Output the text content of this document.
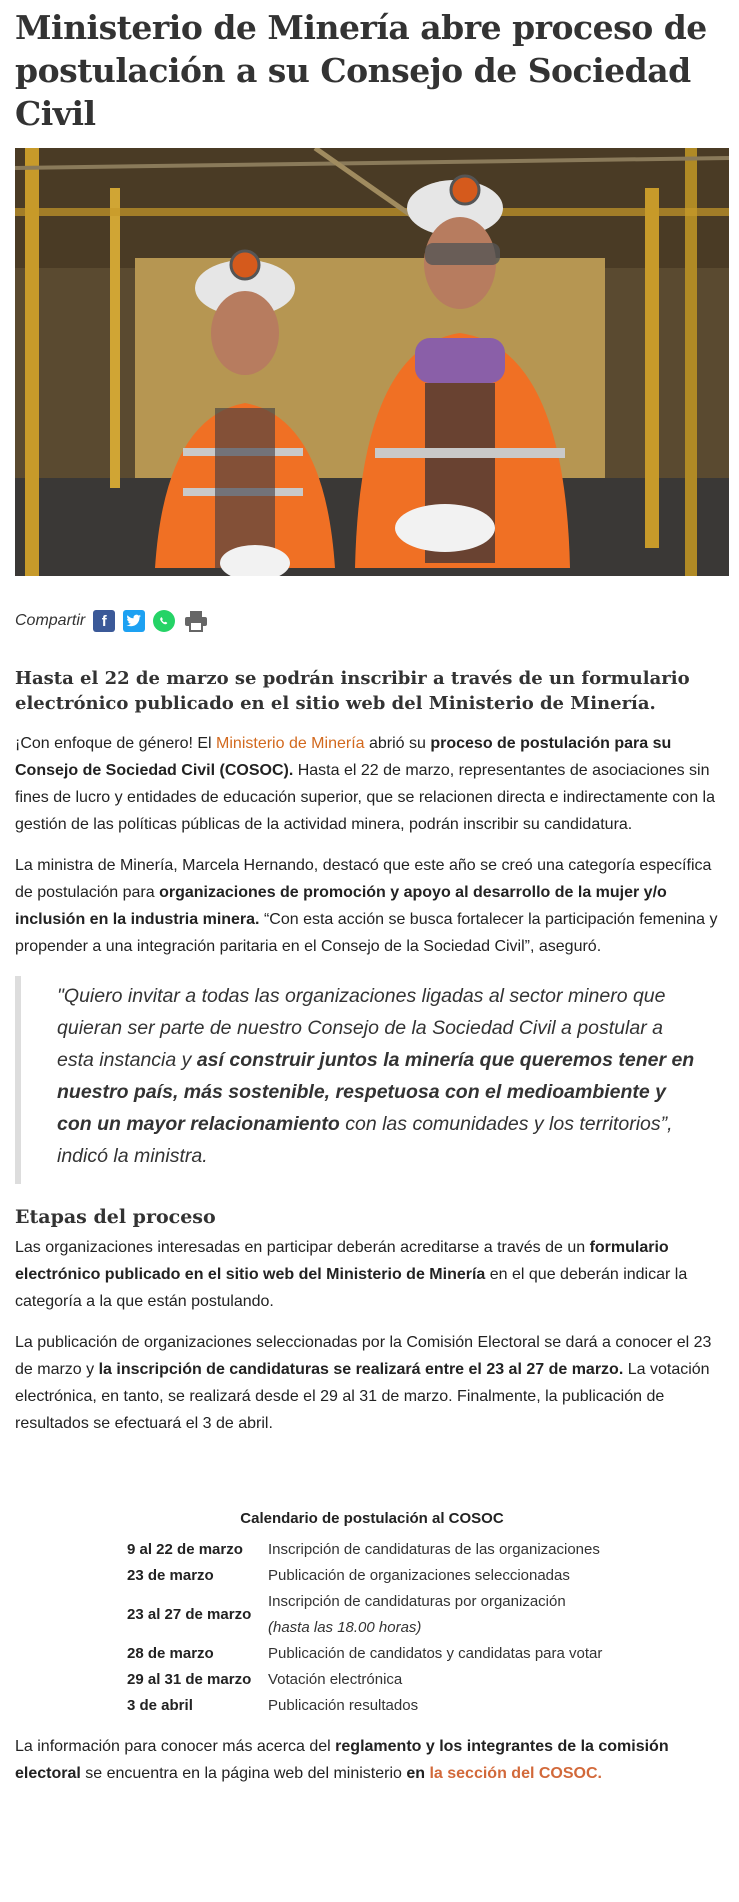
Ministerio de Minería abre proceso de postulación a su Consejo de Sociedad Civil
Compartir	f
Hasta el 22 de marzo se podrán inscribir a través de un formulario electrónico publicado en el sitio web del Ministerio de Minería.

¡Con enfoque de género! El Ministerio de Minería abrió su proceso de postulación para su Consejo de Sociedad Civil (COSOC). Hasta el 22 de marzo, representantes de asociaciones sin fines de lucro y entidades de educación superior, que se relacionen directa e indirectamente con la gestión de las políticas públicas de la actividad minera, podrán inscribir su candidatura.

La ministra de Minería, Marcela Hernando, destacó que este año se creó una categoría específica de postulación para organizaciones de promoción y apoyo al desarrollo de la mujer y/o inclusión en la industria minera. “Con esta acción se busca fortalecer la participación femenina y propender a una integración paritaria en el Consejo de la Sociedad Civil”, aseguró.

"Quiero invitar a todas las organizaciones ligadas al sector minero que quieran ser parte de nuestro Consejo de la Sociedad Civil a postular a esta instancia y así construir juntos la minería que queremos tener en nuestro país, más sostenible, respetuosa con el medioambiente y con un mayor relacionamiento con las comunidades y los territorios”, indicó la ministra.
Etapas del proceso

Las organizaciones interesadas en participar deberán acreditarse a través de un formulario electrónico publicado en el sitio web del Ministerio de Minería en el que deberán indicar la categoría a la que están postulando.

La publicación de organizaciones seleccionadas por la Comisión Electoral se dará a conocer el 23 de marzo y la inscripción de candidaturas se realizará entre el 23 al 27 de marzo. La votación electrónica, en tanto, se realizará desde el 29 al 31 de marzo. Finalmente, la publicación de resultados se efectuará el 3 de abril.

Calendario de postulación al COSOC
9 al 22 de marzo	Inscripción de candidaturas de las organizaciones
23 de marzo	Publicación de organizaciones seleccionadas
23 al 27 de marzo	Inscripción de candidaturas por organización
(hasta las 18.00 horas)
28 de marzo	Publicación de candidatos y candidatas para votar
29 al 31 de marzo	Votación electrónica
3 de abril	Publicación resultados

La información para conocer más acerca del reglamento y los integrantes de la comisión electoral se encuentra en la página web del ministerio en la sección del COSOC.
